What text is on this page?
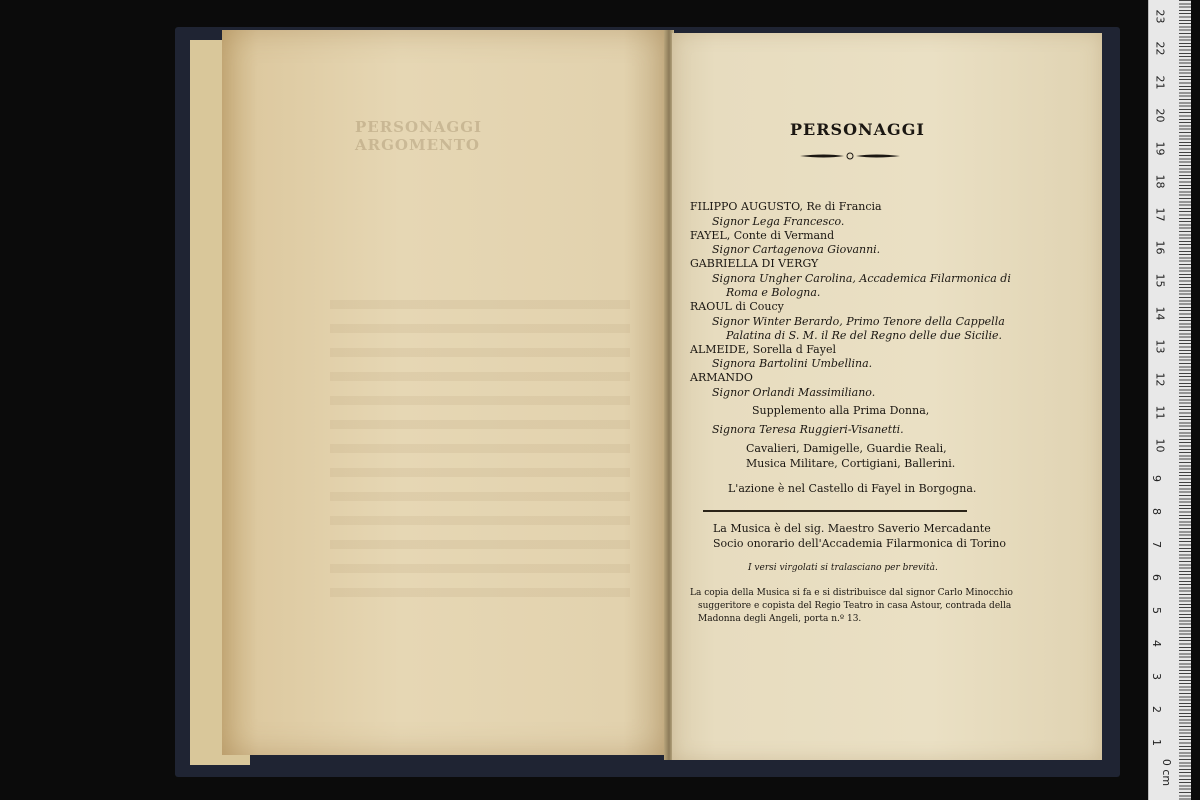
PERSONAGGI
ARGOMENTO
PERSONAGGI
FILIPPO AUGUSTO, Re di Francia
Signor Lega Francesco.
FAYEL, Conte di Vermand
Signor Cartagenova Giovanni.
GABRIELLA DI VERGY
Signora Ungher Carolina, Accademica Filarmonica di
Roma e Bologna.
RAOUL di Coucy
Signor Winter Berardo, Primo Tenore della Cappella
Palatina di S. M. il Re del Regno delle due Sicilie.
ALMEIDE, Sorella d Fayel
Signora Bartolini Umbellina.
ARMANDO
Signor Orlandi Massimiliano.
Supplemento alla Prima Donna,
Signora Teresa Ruggieri-Visanetti.
Cavalieri, Damigelle, Guardie Reali,
Musica Militare, Cortigiani, Ballerini.
L'azione è nel Castello di Fayel in Borgogna.
La Musica è del sig. Maestro Saverio Mercadante
Socio onorario dell'Accademia Filarmonica di Torino
I versi virgolati si tralasciano per brevità.
La copia della Musica si fa e si distribuisce dal signor Carlo Minocchio
suggeritore e copista del Regio Teatro in casa Astour, contrada della
Madonna degli Angeli, porta n.º 13.
23
22
21
20
19
18
17
16
15
14
13
12
11
10
9
8
7
6
5
4
3
2
1
0 cm
